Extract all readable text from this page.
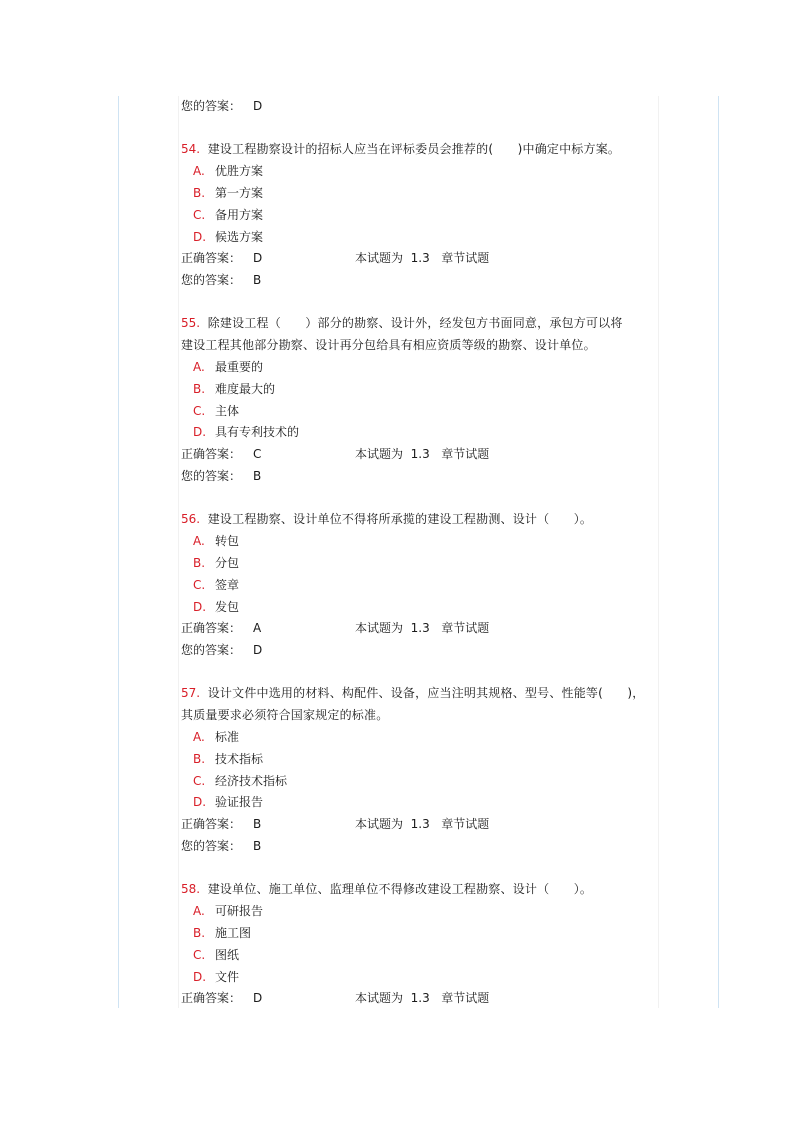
您的答案： D
54. 建设工程勘察设计的招标人应当在评标委员会推荐的(　　)中确定中标方案。
A. 优胜方案
B. 第一方案
C. 备用方案
D. 候选方案
正确答案： D	本试题为 1.3 章节试题
您的答案： B
55. 除建设工程（　　）部分的勘察、设计外，经发包方书面同意，承包方可以将
建设工程其他部分勘察、设计再分包给具有相应资质等级的勘察、设计单位。
A. 最重要的
B. 难度最大的
C. 主体
D. 具有专利技术的
正确答案： C	本试题为 1.3 章节试题
您的答案： B
56. 建设工程勘察、设计单位不得将所承揽的建设工程勘测、设计（　　）。
A. 转包
B. 分包
C. 签章
D. 发包
正确答案： A	本试题为 1.3 章节试题
您的答案： D
57. 设计文件中选用的材料、构配件、设备，应当注明其规格、型号、性能等(　　)，
其质量要求必须符合国家规定的标准。
A. 标准
B. 技术指标
C. 经济技术指标
D. 验证报告
正确答案： B	本试题为 1.3 章节试题
您的答案： B
58. 建设单位、施工单位、监理单位不得修改建设工程勘察、设计（　　）。
A. 可研报告
B. 施工图
C. 图纸
D. 文件
正确答案： D	本试题为 1.3 章节试题
